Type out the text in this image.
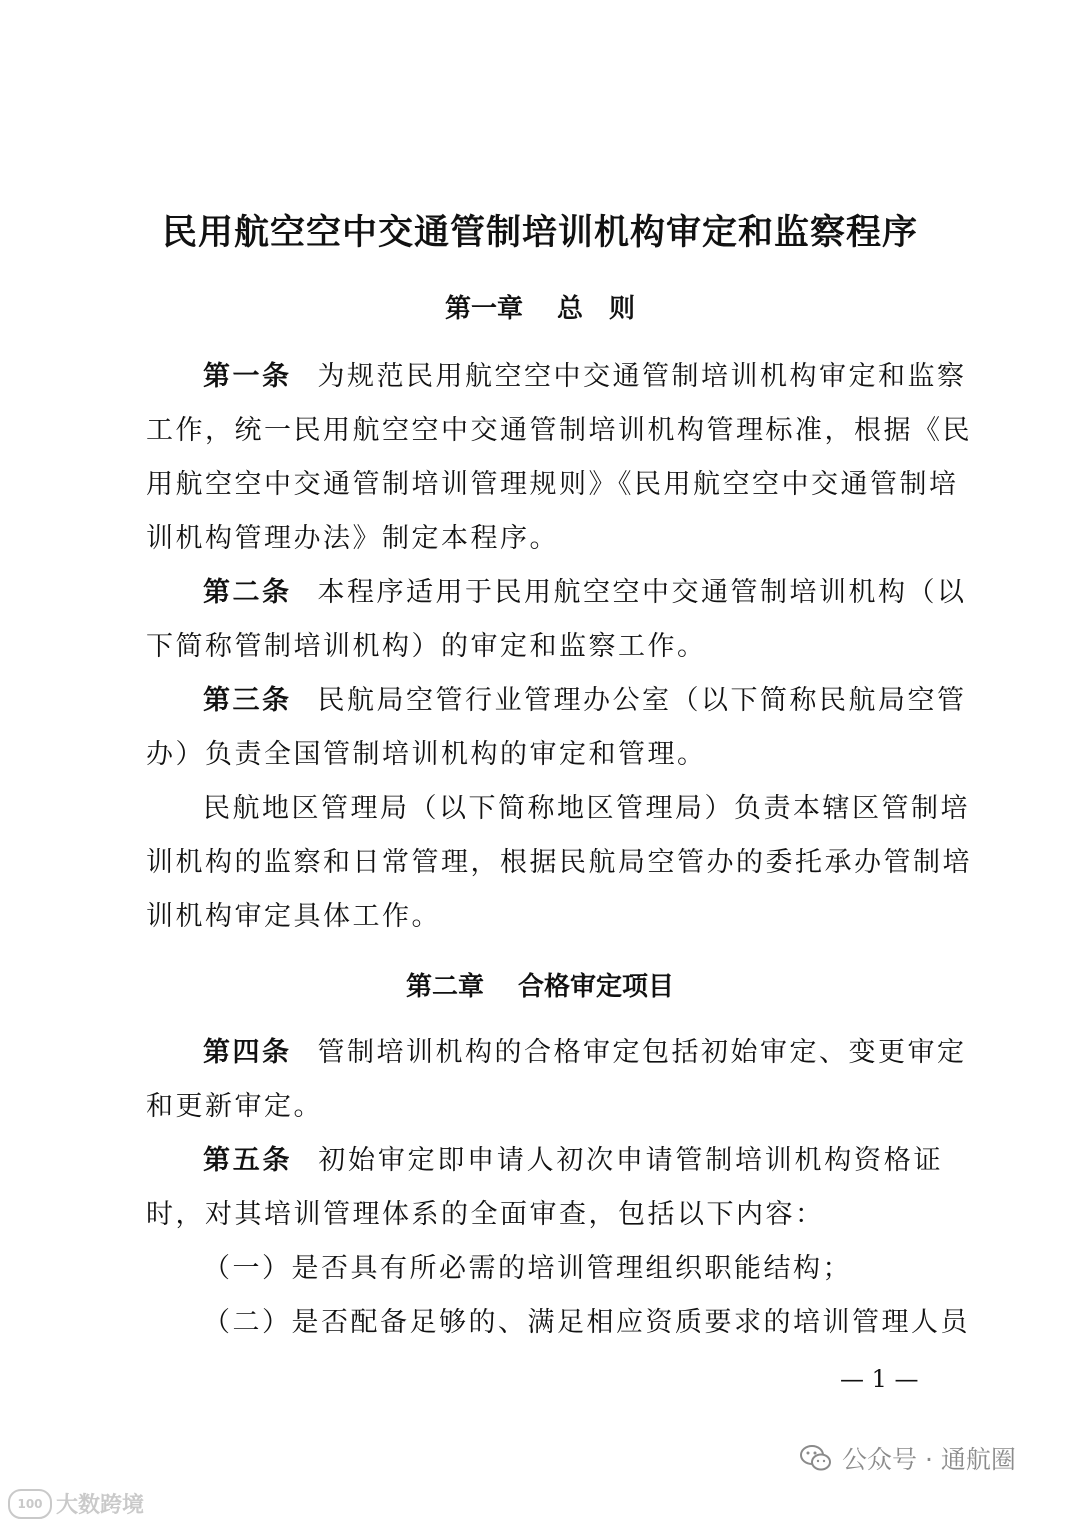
民用航空空中交通管制培训机构审定和监察程序
第一章 总　则
第一条 为规范民用航空空中交通管制培训机构审定和监察
工作，统一民用航空空中交通管制培训机构管理标准，根据《民
用航空空中交通管制培训管理规则》《民用航空空中交通管制培
训机构管理办法》制定本程序。
第二条 本程序适用于民用航空空中交通管制培训机构（以
下简称管制培训机构）的审定和监察工作。
第三条 民航局空管行业管理办公室（以下简称民航局空管
办）负责全国管制培训机构的审定和管理。
民航地区管理局（以下简称地区管理局）负责本辖区管制培
训机构的监察和日常管理，根据民航局空管办的委托承办管制培
训机构审定具体工作。
第二章 合格审定项目
第四条 管制培训机构的合格审定包括初始审定、变更审定
和更新审定。
第五条 初始审定即申请人初次申请管制培训机构资格证
时，对其培训管理体系的全面审查，包括以下内容：
（一）是否具有所必需的培训管理组织职能结构；
（二）是否配备足够的、满足相应资质要求的培训管理人员
— 1 —
公众号 · 通航圈
100 大数跨境
